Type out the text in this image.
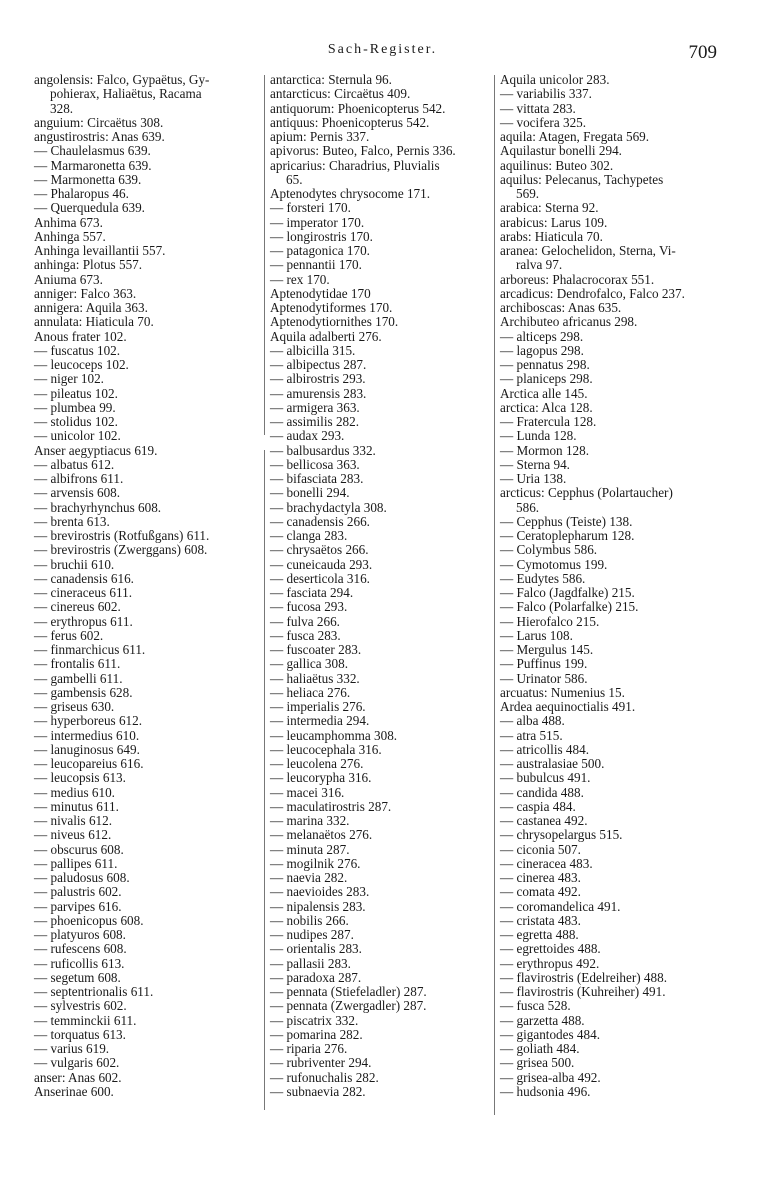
Sach-Register.	709
angolensis: Falco, Gypaëtus, Gy-
pohierax, Haliaëtus, Racama
328.
anguium: Circaëtus 308.
angustirostris: Anas 639.
— Chaulelasmus 639.
— Marmaronetta 639.
— Marmonetta 639.
— Phalaropus 46.
— Querquedula 639.
Anhima 673.
Anhinga 557.
Anhinga levaillantii 557.
anhinga: Plotus 557.
Aniuma 673.
anniger: Falco 363.
annigera: Aquila 363.
annulata: Hiaticula 70.
Anous frater 102.
— fuscatus 102.
— leucoceps 102.
— niger 102.
— pileatus 102.
— plumbea 99.
— stolidus 102.
— unicolor 102.
Anser aegyptiacus 619.
— albatus 612.
— albifrons 611.
— arvensis 608.
— brachyrhynchus 608.
— brenta 613.
— brevirostris (Rotfußgans) 611.
— brevirostris (Zwerggans) 608.
— bruchii 610.
— canadensis 616.
— cineraceus 611.
— cinereus 602.
— erythropus 611.
— ferus 602.
— finmarchicus 611.
— frontalis 611.
— gambelli 611.
— gambensis 628.
— griseus 630.
— hyperboreus 612.
— intermedius 610.
— lanuginosus 649.
— leucopareius 616.
— leucopsis 613.
— medius 610.
— minutus 611.
— nivalis 612.
— niveus 612.
— obscurus 608.
— pallipes 611.
— paludosus 608.
— palustris 602.
— parvipes 616.
— phoenicopus 608.
— platyuros 608.
— rufescens 608.
— ruficollis 613.
— segetum 608.
— septentrionalis 611.
— sylvestris 602.
— temminckii 611.
— torquatus 613.
— varius 619.
— vulgaris 602.
anser: Anas 602.
Anserinae 600.
antarctica: Sternula 96.
antarcticus: Circaëtus 409.
antiquorum: Phoenicopterus 542.
antiquus: Phoenicopterus 542.
apium: Pernis 337.
apivorus: Buteo, Falco, Pernis 336.
apricarius: Charadrius, Pluvialis
65.
Aptenodytes chrysocome 171.
— forsteri 170.
— imperator 170.
— longirostris 170.
— patagonica 170.
— pennantii 170.
— rex 170.
Aptenodytidae 170
Aptenodytiformes 170.
Aptenodytiornithes 170.
Aquila adalberti 276.
— albicilla 315.
— albipectus 287.
— albirostris 293.
— amurensis 283.
— armigera 363.
— assimilis 282.
— audax 293.
— balbusardus 332.
— bellicosa 363.
— bifasciata 283.
— bonelli 294.
— brachydactyla 308.
— canadensis 266.
— clanga 283.
— chrysaëtos 266.
— cuneicauda 293.
— deserticola 316.
— fasciata 294.
— fucosa 293.
— fulva 266.
— fusca 283.
— fuscoater 283.
— gallica 308.
— haliaëtus 332.
— heliaca 276.
— imperialis 276.
— intermedia 294.
— leucamphomma 308.
— leucocephala 316.
— leucolena 276.
— leucorypha 316.
— macei 316.
— maculatirostris 287.
— marina 332.
— melanaëtos 276.
— minuta 287.
— mogilnik 276.
— naevia 282.
— naevioides 283.
— nipalensis 283.
— nobilis 266.
— nudipes 287.
— orientalis 283.
— pallasii 283.
— paradoxa 287.
— pennata (Stiefeladler) 287.
— pennata (Zwergadler) 287.
— piscatrix 332.
— pomarina 282.
— riparia 276.
— rubriventer 294.
— rufonuchalis 282.
— subnaevia 282.
Aquila unicolor 283.
— variabilis 337.
— vittata 283.
— vocifera 325.
aquila: Atagen, Fregata 569.
Aquilastur bonelli 294.
aquilinus: Buteo 302.
aquilus: Pelecanus, Tachypetes
569.
arabica: Sterna 92.
arabicus: Larus 109.
arabs: Hiaticula 70.
aranea: Gelochelidon, Sterna, Vi-
ralva 97.
arboreus: Phalacrocorax 551.
arcadicus: Dendrofalco, Falco 237.
archiboscas: Anas 635.
Archibuteo africanus 298.
— alticeps 298.
— lagopus 298.
— pennatus 298.
— planiceps 298.
Arctica alle 145.
arctica: Alca 128.
— Fratercula 128.
— Lunda 128.
— Mormon 128.
— Sterna 94.
— Uria 138.
arcticus: Cepphus (Polartaucher)
586.
— Cepphus (Teiste) 138.
— Ceratoplepharum 128.
— Colymbus 586.
— Cymotomus 199.
— Eudytes 586.
— Falco (Jagdfalke) 215.
— Falco (Polarfalke) 215.
— Hierofalco 215.
— Larus 108.
— Mergulus 145.
— Puffinus 199.
— Urinator 586.
arcuatus: Numenius 15.
Ardea aequinoctialis 491.
— alba 488.
— atra 515.
— atricollis 484.
— australasiae 500.
— bubulcus 491.
— candida 488.
— caspia 484.
— castanea 492.
— chrysopelargus 515.
— ciconia 507.
— cineracea 483.
— cinerea 483.
— comata 492.
— coromandelica 491.
— cristata 483.
— egretta 488.
— egrettoides 488.
— erythropus 492.
— flavirostris (Edelreiher) 488.
— flavirostris (Kuhreiher) 491.
— fusca 528.
— garzetta 488.
— gigantodes 484.
— goliath 484.
— grisea 500.
— grisea-alba 492.
— hudsonia 496.
